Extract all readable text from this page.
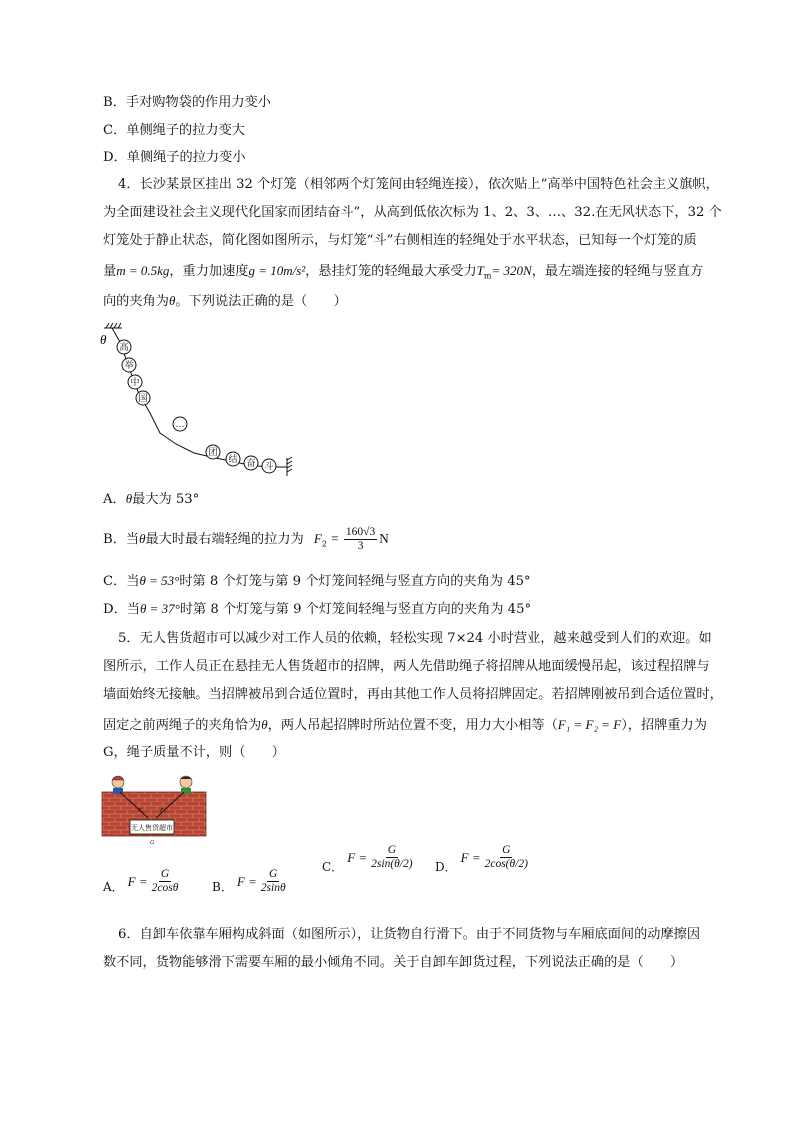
B．手对购物袋的作用力变小
C．单侧绳子的拉力变大
D．单侧绳子的拉力变小
4．长沙某景区挂出 32 个灯笼（相邻两个灯笼间由轻绳连接），依次贴上“高举中国特色社会主义旗帜，
为全面建设社会主义现代化国家而团结奋斗”，从高到低依次标为 1、2、3、…、32.在无风状态下，32 个
灯笼处于静止状态，简化图如图所示，与灯笼“斗”右侧相连的轻绳处于水平状态，已知每一个灯笼的质
量m = 0.5kg，重力加速度g = 10m/s²，悬挂灯笼的轻绳最大承受力$T_m= 320N$，最左端连接的轻绳与竖直方
向的夹角为θ。下列说法正确的是（　　）
θ
高
举
中
国
…
团
结 奋 斗
A．θ最大为 53°
B．当θ最大时最右端轻绳的拉力为 $F_2 = \frac{160√3}{3}$ N
C．当θ = 53°时第 8 个灯笼与第 9 个灯笼间轻绳与竖直方向的夹角为 45°
D．当θ = 37°时第 8 个灯笼与第 9 个灯笼间轻绳与竖直方向的夹角为 45°
5．无人售货超市可以减少对工作人员的依赖，轻松实现 7×24 小时营业，越来越受到人们的欢迎。如
图所示，工作人员正在悬挂无人售货超市的招牌，两人先借助绳子将招牌从地面缓慢吊起，该过程招牌与
墙面始终无接触。当招牌被吊到合适位置时，再由其他工作人员将招牌固定。若招牌刚被吊到合适位置时，
固定之前两绳子的夹角恰为θ，两人吊起招牌时所站位置不变，用力大小相等（F₁ = F₂ = F），招牌重力为
G，绳子质量不计，则（　　）
无人售货超市
F₁	F₂
G
A． $F = \frac{G}{2\cos\theta}$	B． $F = \frac{G}{2\sin\theta}$
C．
$F = \frac{G}{2\sin(\theta/2)}$ D．
$F = \frac{G}{2\cos(\theta/2)}$
6．自卸车依靠车厢构成斜面（如图所示），让货物自行滑下。由于不同货物与车厢底面间的动摩擦因
数不同，货物能够滑下需要车厢的最小倾角不同。关于自卸车卸货过程，下列说法正确的是（　　）
